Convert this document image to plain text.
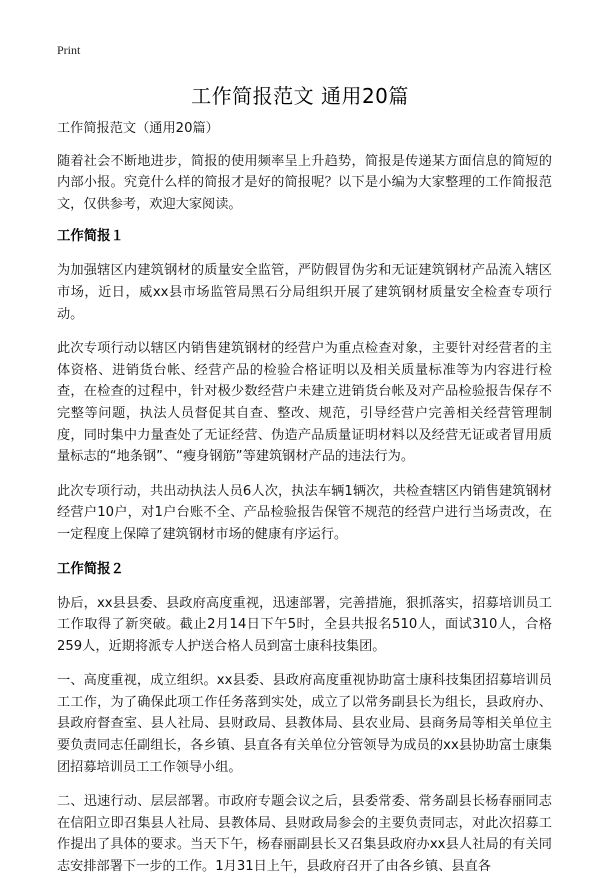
Print
工作简报范文 通用20篇

工作简报范文（通用20篇）

随着社会不断地进步，简报的使用频率呈上升趋势，简报是传递某方面信息的简短的内部小报。究竟什么样的简报才是好的简报呢？以下是小编为大家整理的工作简报范文，仅供参考，欢迎大家阅读。

工作简报１

为加强辖区内建筑钢材的质量安全监管，严防假冒伪劣和无证建筑钢材产品流入辖区市场，近日，威xx县市场监管局黑石分局组织开展了建筑钢材质量安全检查专项行动。

此次专项行动以辖区内销售建筑钢材的经营户为重点检查对象，主要针对经营者的主体资格、进销货台帐、经营产品的检验合格证明以及相关质量标准等为内容进行检查，在检查的过程中，针对极少数经营户未建立进销货台帐及对产品检验报告保存不完整等问题，执法人员督促其自查、整改、规范，引导经营户完善相关经营管理制度，同时集中力量查处了无证经营、伪造产品质量证明材料以及经营无证或者冒用质量标志的“地条钢”、“瘦身钢筋”等建筑钢材产品的违法行为。

此次专项行动，共出动执法人员6人次，执法车辆1辆次，共检查辖区内销售建筑钢材经营户10户，对1户台账不全、产品检验报告保管不规范的经营户进行当场责改，在一定程度上保障了建筑钢材市场的健康有序运行。

工作简报２

协后，xx县县委、县政府高度重视，迅速部署，完善措施，狠抓落实，招募培训员工工作取得了新突破。截止2月14日下午5时，全县共报名510人，面试310人，合格259人，近期将派专人护送合格人员到富士康科技集团。

一、高度重视，成立组织。xx县委、县政府高度重视协助富士康科技集团招募培训员工工作，为了确保此项工作任务落到实处，成立了以常务副县长为组长，县政府办、县政府督查室、县人社局、县财政局、县教体局、县农业局、县商务局等相关单位主要负责同志任副组长，各乡镇、县直各有关单位分管领导为成员的xx县协助富士康集团招募培训员工工作领导小组。

二、迅速行动、层层部署。市政府专题会议之后，县委常委、常务副县长杨春丽同志在信阳立即召集县人社局、县教体局、县财政局参会的主要负责同志，对此次招募工作提出了具体的要求。当天下午，杨春丽副县长又召集县政府办xx县人社局的有关同志安排部署下一步的工作。1月31日上午，县政府召开了由各乡镇、县直各
